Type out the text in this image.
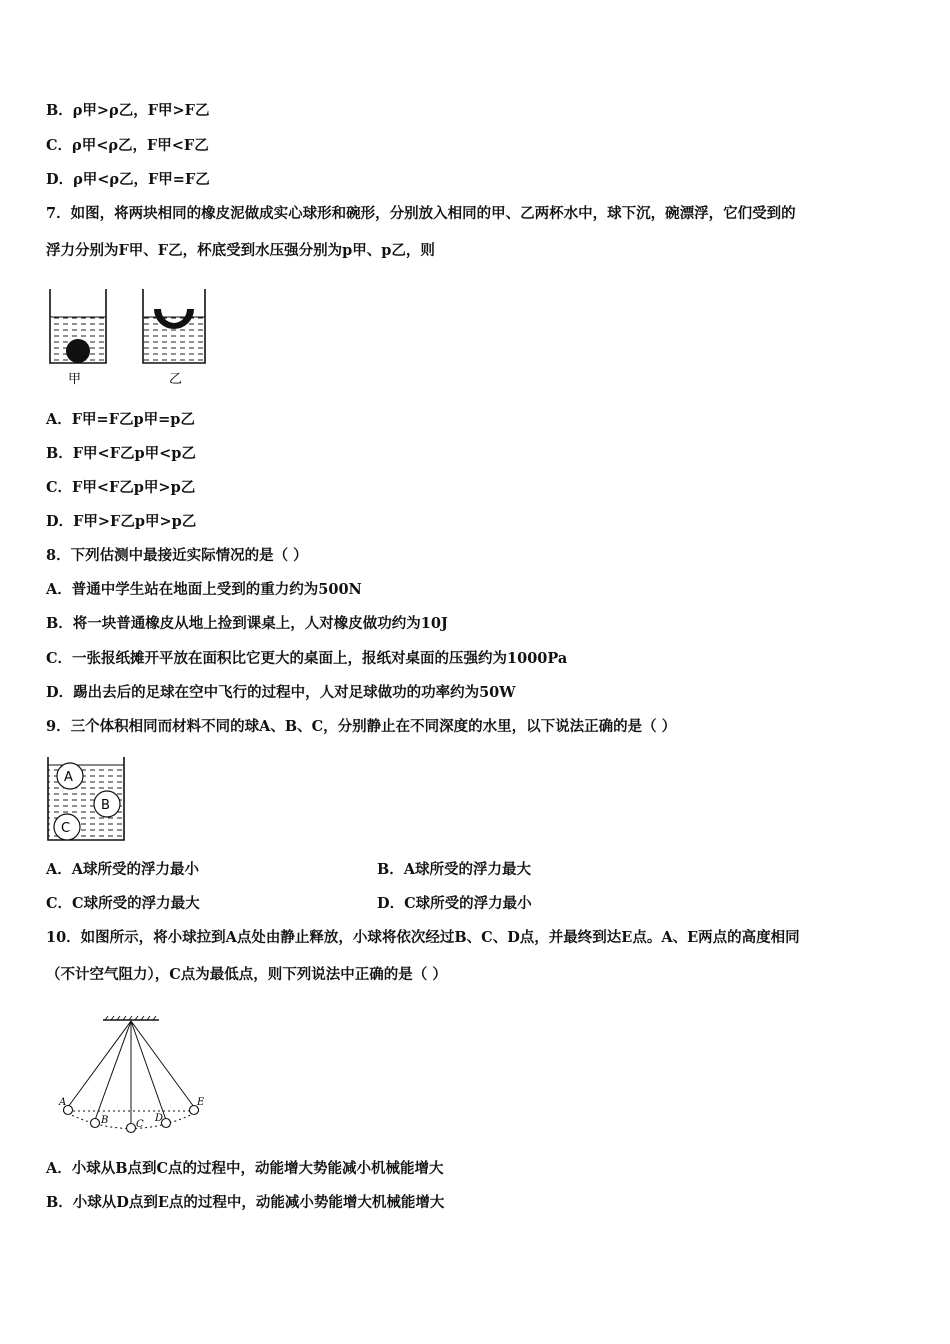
B．ρ甲>ρ乙，F甲>F乙
C．ρ甲<ρ乙，F甲<F乙
D．ρ甲<ρ乙，F甲=F乙
7．如图，将两块相同的橡皮泥做成实心球形和碗形，分别放入相同的甲、乙两杯水中，球下沉，碗漂浮，它们受到的
浮力分别为F甲、F乙，杯底受到水压强分别为p甲、p乙，则
甲	乙
A．F甲=F乙p甲=p乙
B．F甲<F乙p甲<p乙
C．F甲<F乙p甲>p乙
D．F甲>F乙p甲>p乙
8．下列估测中最接近实际情况的是（ ）
A．普通中学生站在地面上受到的重力约为500N
B．将一块普通橡皮从地上捡到课桌上，人对橡皮做功约为10J
C．一张报纸摊开平放在面积比它更大的桌面上，报纸对桌面的压强约为1000Pa
D．踢出去后的足球在空中飞行的过程中，人对足球做功的功率约为50W
9．三个体积相同而材料不同的球A、B、C，分别静止在不同深度的水里，以下说法正确的是（ ）
A
B
C
A．A球所受的浮力最小	B．A球所受的浮力最大
C．C球所受的浮力最大	D．C球所受的浮力最小
10．如图所示，将小球拉到A点处由静止释放，小球将依次经过B、C、D点，并最终到达E点。A、E两点的高度相同
（不计空气阻力），C点为最低点，则下列说法中正确的是（ ）
A
B	C
D
E
A．小球从B点到C点的过程中，动能增大势能减小机械能增大
B．小球从D点到E点的过程中，动能减小势能增大机械能增大
